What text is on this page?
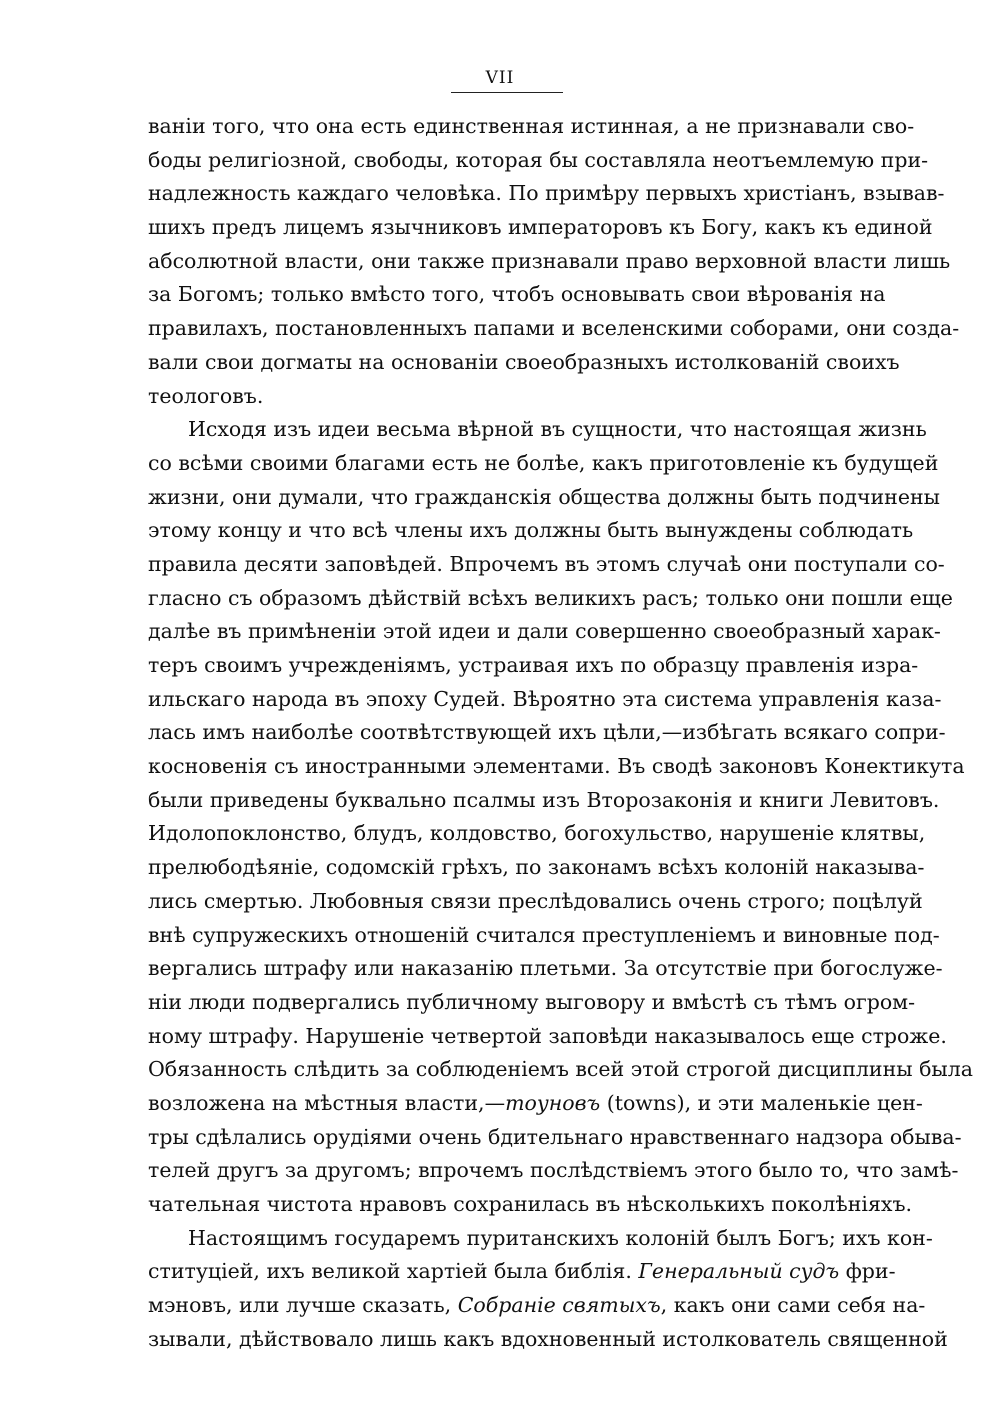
VII
ваніи того, что она есть единственная истинная, а не признавали сво-
боды религіозной, свободы, которая бы составляла неотъемлемую при-
надлежность каждаго человѣка. По примѣру первыхъ христіанъ, взывав-
шихъ предъ лицемъ язычниковъ императоровъ къ Богу, какъ къ единой
абсолютной власти, они также признавали право верховной власти лишь
за Богомъ; только вмѣсто того, чтобъ основывать свои вѣрованія на
правилахъ, постановленныхъ папами и вселенскими соборами, они созда-
вали свои догматы на основаніи своеобразныхъ истолкованій своихъ
теологовъ.
Исходя изъ идеи весьма вѣрной въ сущности, что настоящая жизнь
со всѣми своими благами есть не болѣе, какъ приготовленіе къ будущей
жизни, они думали, что гражданскія общества должны быть подчинены
этому концу и что всѣ члены ихъ должны быть вынуждены соблюдать
правила десяти заповѣдей. Впрочемъ въ этомъ случаѣ они поступали со-
гласно съ образомъ дѣйствій всѣхъ великихъ расъ; только они пошли еще
далѣе въ примѣненіи этой идеи и дали совершенно своеобразный харак-
теръ своимъ учрежденіямъ, устраивая ихъ по образцу правленія изра-
ильскаго народа въ эпоху Судей. Вѣроятно эта система управленія каза-
лась имъ наиболѣе соотвѣтствующей ихъ цѣли,—избѣгать всякаго сопри-
косновенія съ иностранными элементами. Въ сводѣ законовъ Конектикута
были приведены буквально псалмы изъ Второзаконія и книги Левитовъ.
Идолопоклонство, блудъ, колдовство, богохульство, нарушеніе клятвы,
прелюбодѣяніе, содомскій грѣхъ, по законамъ всѣхъ колоній наказыва-
лись смертью. Любовныя связи преслѣдовались очень строго; поцѣлуй
внѣ супружескихъ отношеній считался преступленіемъ и виновные под-
вергались штрафу или наказанію плетьми. За отсутствіе при богослуже-
ніи люди подвергались публичному выговору и вмѣстѣ съ тѣмъ огром-
ному штрафу. Нарушеніе четвертой заповѣди наказывалось еще строже.
Обязанность слѣдить за соблюденіемъ всей этой строгой дисциплины была
возложена на мѣстныя власти,—тоуновъ (towns), и эти маленькіе цен-
тры сдѣлались орудіями очень бдительнаго нравственнаго надзора обыва-
телей другъ за другомъ; впрочемъ послѣдствіемъ этого было то, что замѣ-
чательная чистота нравовъ сохранилась въ нѣсколькихъ поколѣніяхъ.
Настоящимъ государемъ пуританскихъ колоній былъ Богъ; ихъ кон-
ституціей, ихъ великой хартіей была библія. Генеральный судъ фри-
мэновъ, или лучше сказать, Собраніе святыхъ, какъ они сами себя на-
зывали, дѣйствовало лишь какъ вдохновенный истолкователь священной
